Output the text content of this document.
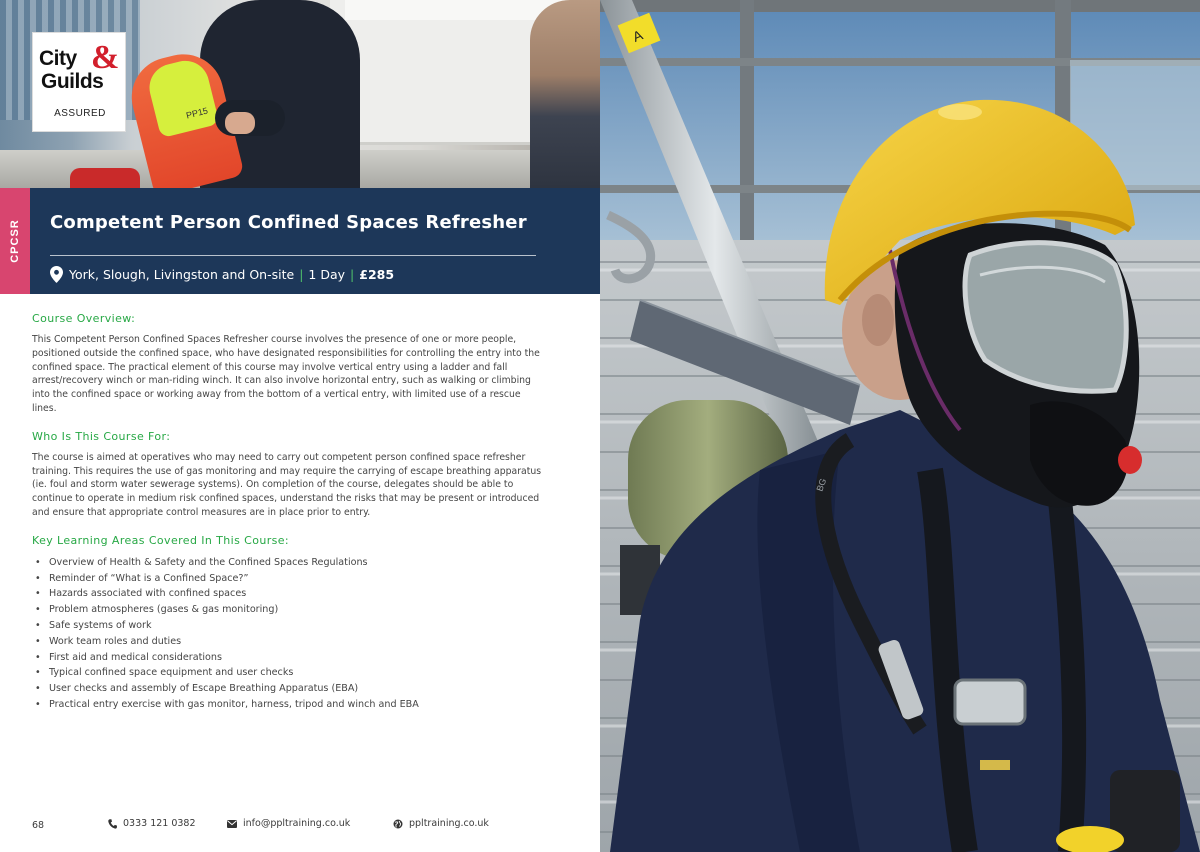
PP15
City &
Guilds
ASSURED
CPCSR Competent Person Confined Spaces Refresher
York, Slough, Livingston and On-site | 1 Day | £285
Course Overview:

This Competent Person Confined Spaces Refresher course involves the presence of one or more people, positioned outside the confined space, who have designated responsibilities for controlling the entry into the confined space. The practical element of this course may involve vertical entry using a ladder and fall arrest/recovery winch or man-riding winch. It can also involve horizontal entry, such as walking or climbing into the confined space or working away from the bottom of a vertical entry, with limited use of a rescue lines.

Who Is This Course For:

The course is aimed at operatives who may need to carry out competent person confined space refresher training. This requires the use of gas monitoring and may require the carrying of escape breathing apparatus (ie. foul and storm water sewerage systems). On completion of the course, delegates should be able to continue to operate in medium risk confined spaces, understand the risks that may be present or introduced and ensure that appropriate control measures are in place prior to entry.

Key Learning Areas Covered In This Course:
• Overview of Health & Safety and the Confined Spaces Regulations
• Reminder of “What is a Confined Space?”
• Hazards associated with confined spaces
• Problem atmospheres (gases & gas monitoring)
• Safe systems of work
• Work team roles and duties
• First aid and medical considerations
• Typical confined space equipment and user checks
• User checks and assembly of Escape Breathing Apparatus (EBA)
• Practical entry exercise with gas monitor, harness, tripod and winch and EBA
68	0333 121 0382	info@ppltraining.co.uk	ppltraining.co.uk
A
BG
